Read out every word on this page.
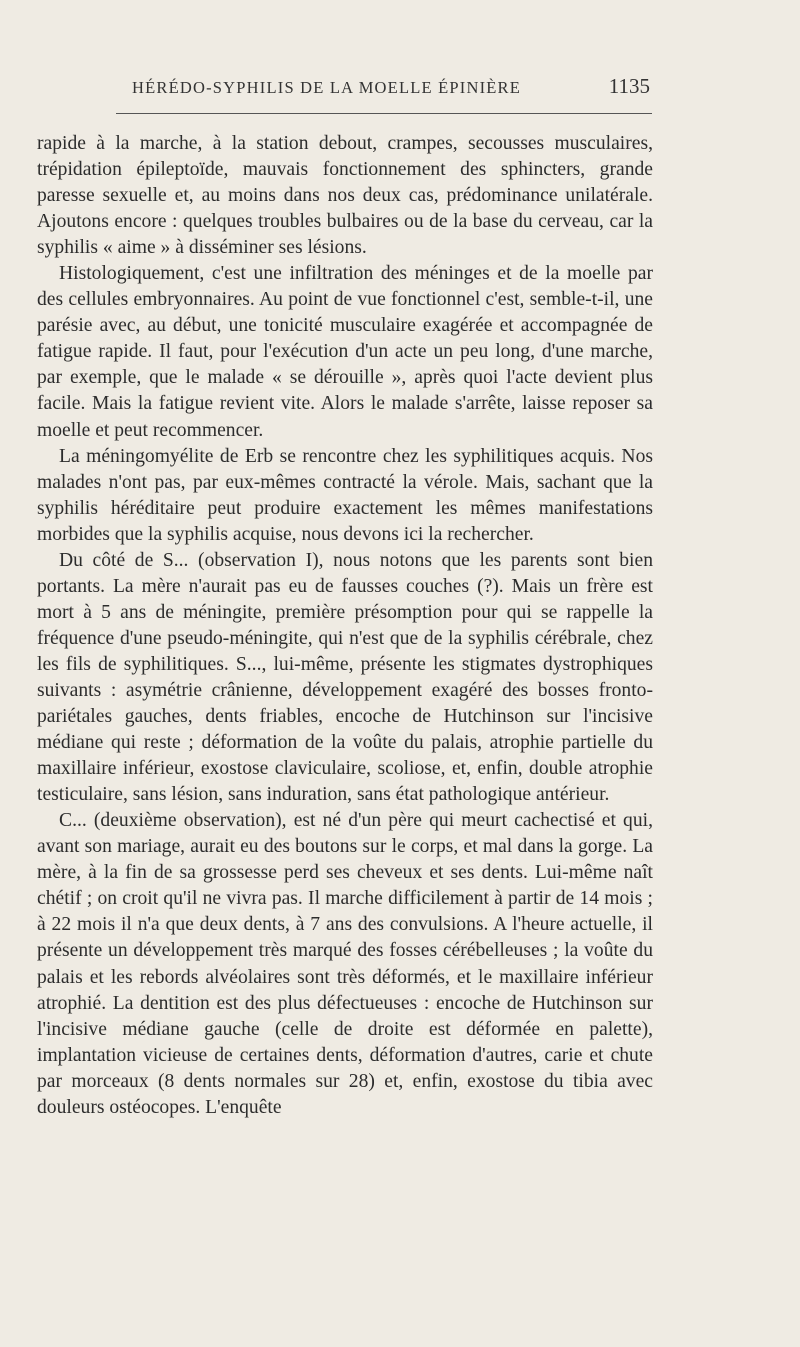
HÉRÉDO-SYPHILIS DE LA MOELLE ÉPINIÈRE	1135

rapide à la marche, à la station debout, crampes, secousses musculaires, trépidation épileptoïde, mauvais fonctionnement des sphincters, grande paresse sexuelle et, au moins dans nos deux cas, prédominance unilatérale. Ajoutons encore : quelques troubles bulbaires ou de la base du cerveau, car la syphilis « aime » à disséminer ses lésions.

Histologiquement, c'est une infiltration des méninges et de la moelle par des cellules embryonnaires. Au point de vue fonctionnel c'est, semble-t-il, une parésie avec, au début, une tonicité musculaire exagérée et accompagnée de fatigue rapide. Il faut, pour l'exécution d'un acte un peu long, d'une marche, par exemple, que le malade « se dérouille », après quoi l'acte devient plus facile. Mais la fatigue revient vite. Alors le malade s'arrête, laisse reposer sa moelle et peut recommencer.

La méningomyélite de Erb se rencontre chez les syphilitiques acquis. Nos malades n'ont pas, par eux-mêmes contracté la vérole. Mais, sachant que la syphilis héréditaire peut produire exactement les mêmes manifestations morbides que la syphilis acquise, nous devons ici la rechercher.

Du côté de S... (observation I), nous notons que les parents sont bien portants. La mère n'aurait pas eu de fausses couches (?). Mais un frère est mort à 5 ans de méningite, première présomption pour qui se rappelle la fréquence d'une pseudo-méningite, qui n'est que de la syphilis cérébrale, chez les fils de syphilitiques. S..., lui-même, présente les stigmates dystrophiques suivants : asymétrie crânienne, développement exagéré des bosses fronto-pariétales gauches, dents friables, encoche de Hutchinson sur l'incisive médiane qui reste ; déformation de la voûte du palais, atrophie partielle du maxillaire inférieur, exostose claviculaire, scoliose, et, enfin, double atrophie testiculaire, sans lésion, sans induration, sans état pathologique antérieur.

C... (deuxième observation), est né d'un père qui meurt cachectisé et qui, avant son mariage, aurait eu des boutons sur le corps, et mal dans la gorge. La mère, à la fin de sa grossesse perd ses cheveux et ses dents. Lui-même naît chétif ; on croit qu'il ne vivra pas. Il marche difficilement à partir de 14 mois ; à 22 mois il n'a que deux dents, à 7 ans des convulsions. A l'heure actuelle, il présente un développement très marqué des fosses cérébelleuses ; la voûte du palais et les rebords alvéolaires sont très déformés, et le maxillaire inférieur atrophié. La dentition est des plus défectueuses : encoche de Hutchinson sur l'incisive médiane gauche (celle de droite est déformée en palette), implantation vicieuse de certaines dents, déformation d'autres, carie et chute par morceaux (8 dents normales sur 28) et, enfin, exostose du tibia avec douleurs ostéocopes. L'enquête
